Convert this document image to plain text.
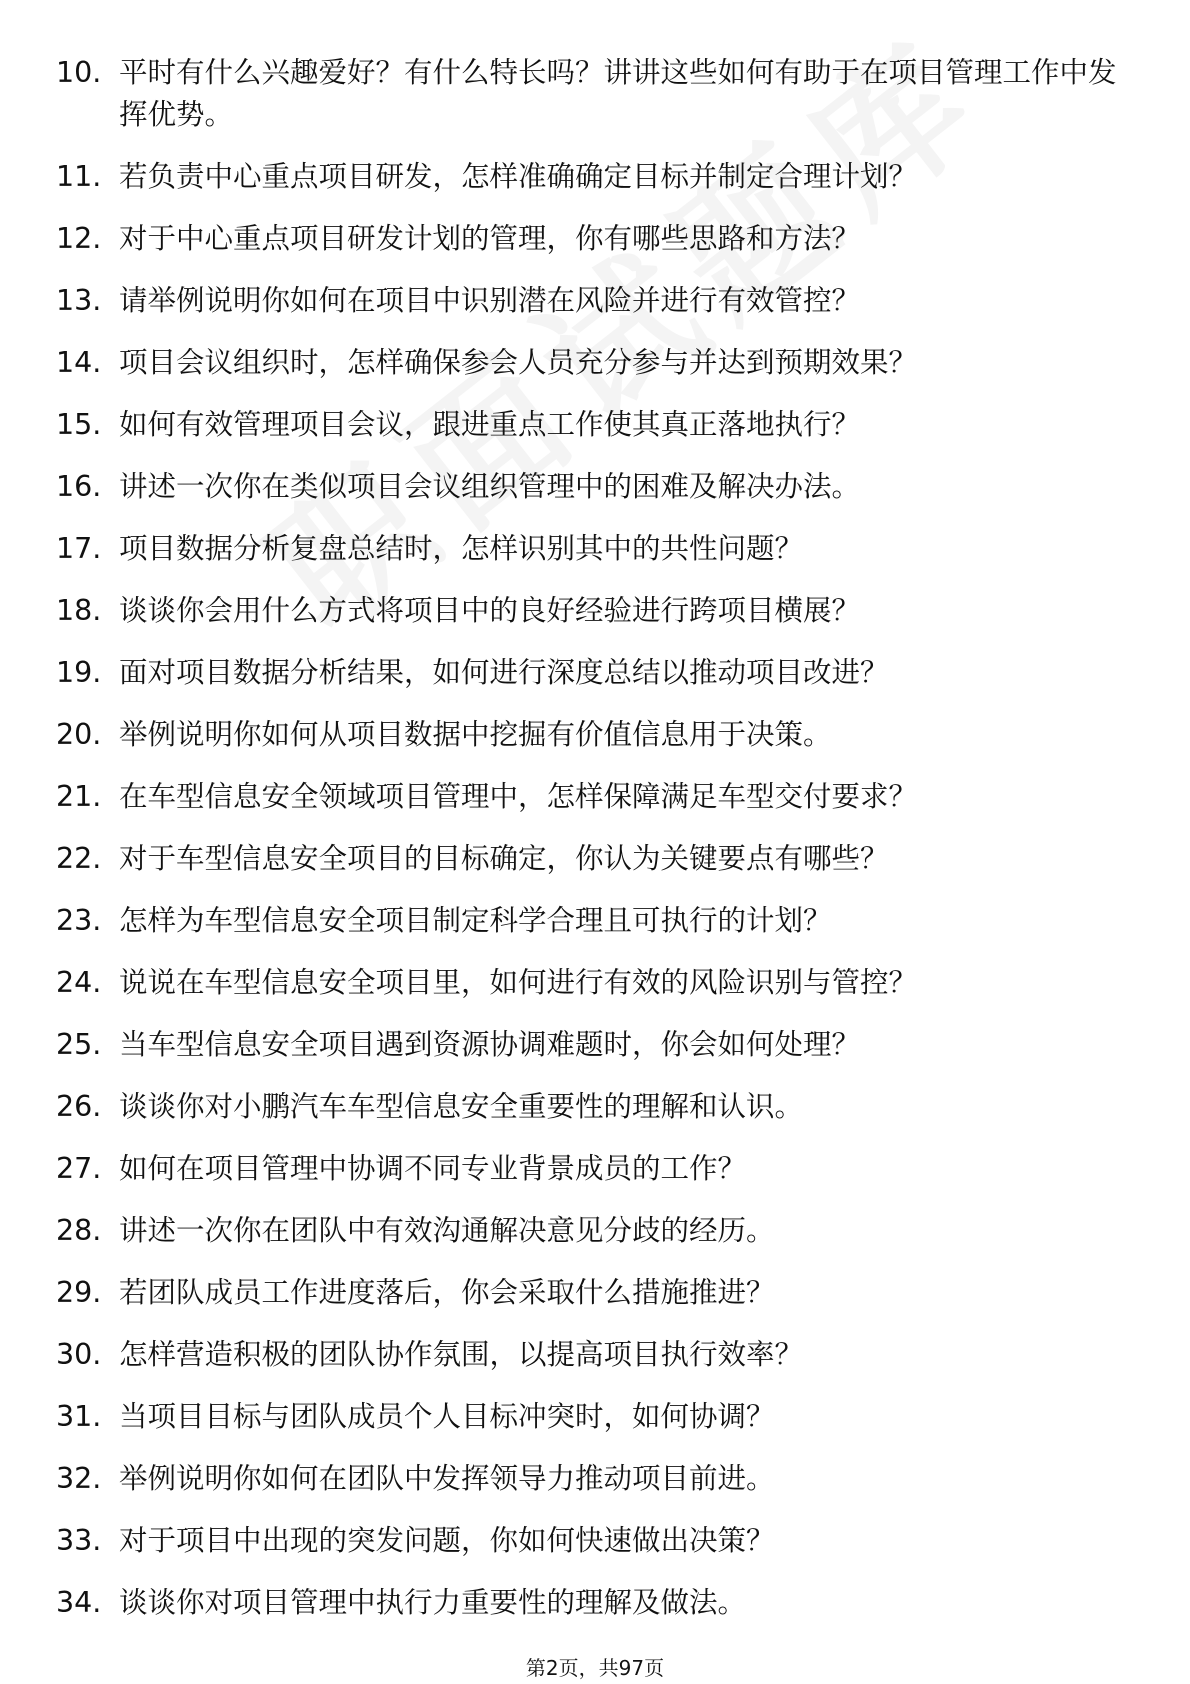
10. 平时有什么兴趣爱好？有什么特长吗？讲讲这些如何有助于在项目管理工作中发挥优势。
11. 若负责中心重点项目研发，怎样准确确定目标并制定合理计划？
12. 对于中心重点项目研发计划的管理，你有哪些思路和方法？
13. 请举例说明你如何在项目中识别潜在风险并进行有效管控？
14. 项目会议组织时，怎样确保参会人员充分参与并达到预期效果？
15. 如何有效管理项目会议，跟进重点工作使其真正落地执行？
16. 讲述一次你在类似项目会议组织管理中的困难及解决办法。
17. 项目数据分析复盘总结时，怎样识别其中的共性问题？
18. 谈谈你会用什么方式将项目中的良好经验进行跨项目横展？
19. 面对项目数据分析结果，如何进行深度总结以推动项目改进？
20. 举例说明你如何从项目数据中挖掘有价值信息用于决策。
21. 在车型信息安全领域项目管理中，怎样保障满足车型交付要求？
22. 对于车型信息安全项目的目标确定，你认为关键要点有哪些？
23. 怎样为车型信息安全项目制定科学合理且可执行的计划？
24. 说说在车型信息安全项目里，如何进行有效的风险识别与管控？
25. 当车型信息安全项目遇到资源协调难题时，你会如何处理？
26. 谈谈你对小鹏汽车车型信息安全重要性的理解和认识。
27. 如何在项目管理中协调不同专业背景成员的工作？
28. 讲述一次你在团队中有效沟通解决意见分歧的经历。
29. 若团队成员工作进度落后，你会采取什么措施推进？
30. 怎样营造积极的团队协作氛围，以提高项目执行效率？
31. 当项目目标与团队成员个人目标冲突时，如何协调？
32. 举例说明你如何在团队中发挥领导力推动项目前进。
33. 对于项目中出现的突发问题，你如何快速做出决策？
34. 谈谈你对项目管理中执行力重要性的理解及做法。
第2页，共97页
